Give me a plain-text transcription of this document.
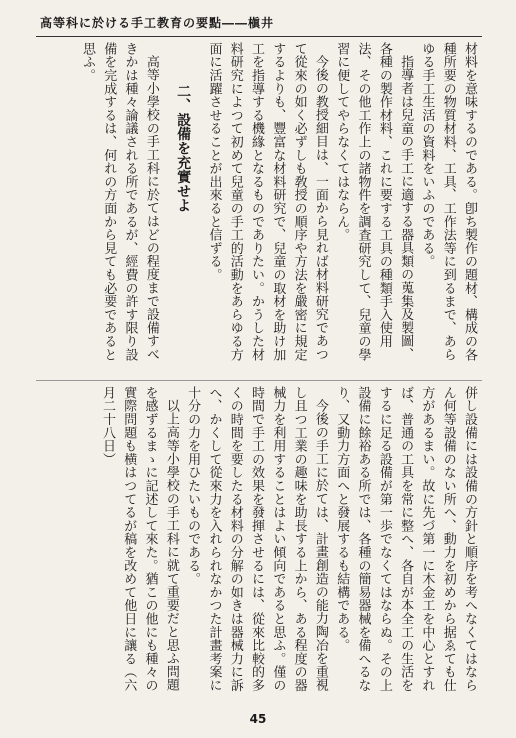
高等科に於ける手工教育の要點――槇井

材料を意味するのである。卽ち製作の題材、構成の各種所要の物質材料、工具、工作法等に到るまで、あらゆる手工生活の資料をいふのである。

指導者は兒童の手工に適する器具類の蒐集及製圖、各種の製作材料、これに要する工具の種類手入使用法、その他工作上の諸物件を調査研究して、兒童の學習に便してやらなくてはならん。

今後の教授細目は、一面から見れば材料研究であつて從來の如く必ずしも敎授の順序や方法を嚴密に規定するよりも、豐富な材料研究で、兒童の取材を助け加工を指導する機緣となるものでありたい。かうした材料研究によつて初めて兒童の手工的活動をあらゆる方面に活躍させることが出來ると信ずる。

二、設備を充實せよ

高等小學校の手工科に於てはどの程度まで設備すべきかは種々論議される所であるが、經費の許す限り設備を完成するは、何れの方面から見ても必要であると思ふ。

併し設備には設備の方針と順序を考へなくてはならん何等設備のない所へ、動力を初めから据ゑても仕方があるまい。故に先づ第一に木金工を中心とすれば、普通の工具を常に整へ、各自が本全工の生活をするに足る設備が第一歩でなくてはならぬ。その上設備に餘裕ある所では、各種の簡易器械を備へるなり、又動力方面へと發展するも結構である。

今後の手工に於ては、計畫創造の能力陶冶を重視し且つ工業の趣味を助長する上から、ある程度の器械力を利用することはよい傾向であると思ふ。僅の時間で手工の效果を發揮させるには、從來比較的多くの時間を要したる材料の分解の如きは器械力に訴へ、かくして從來力を入れられなかつた計畫考案に十分の力を用ひたいものである。

以上高等小學校の手工科に就て重要だと思ふ問題を感ずるまゝに記述して來た。猶この他にも種々の實際問題も横はつてるが稿を改めて他日に讓る（六月二十八日）

45
